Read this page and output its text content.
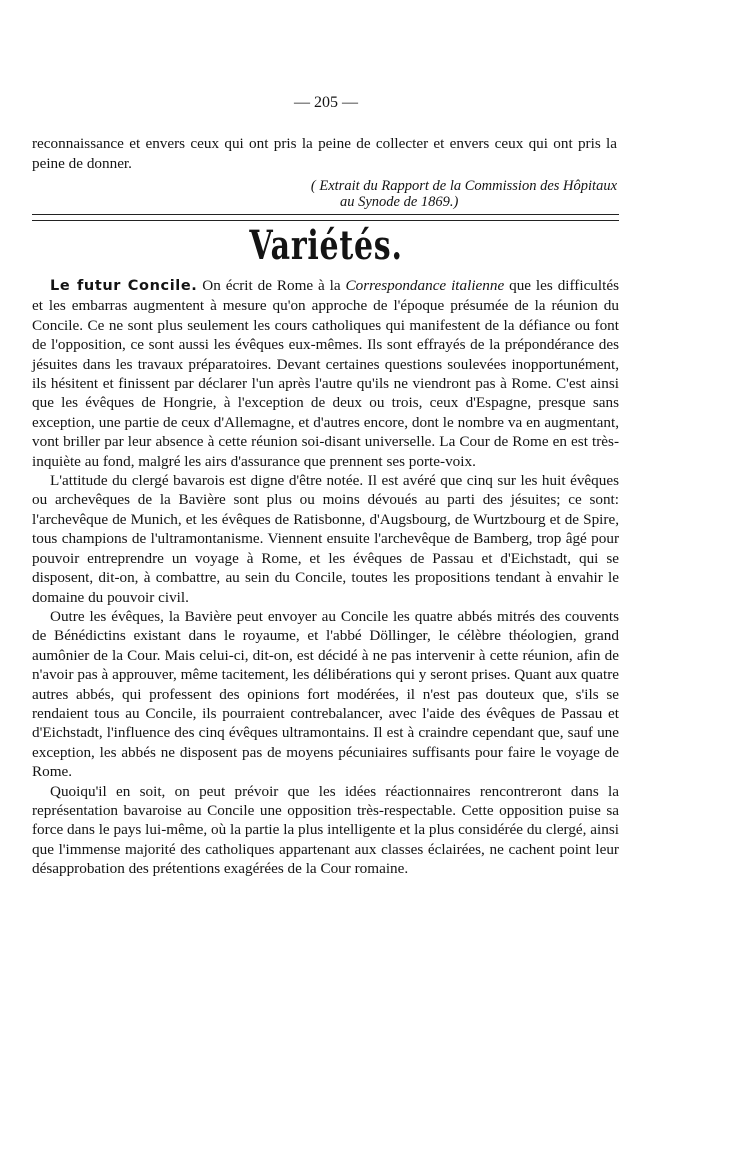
— 205 —
reconnaissance et envers ceux qui ont pris la peine de collecter et envers ceux qui ont pris la peine de donner.
( Extrait du Rapport de la Commission des Hôpitaux
au Synode de 1869.)
Variétés.

Le futur Concile. On écrit de Rome à la Correspondance italienne que les difficultés et les embarras augmentent à mesure qu'on approche de l'époque présumée de la réunion du Concile. Ce ne sont plus seulement les cours catholiques qui manifestent de la défiance ou font de l'opposition, ce sont aussi les évêques eux-mêmes. Ils sont effrayés de la prépondérance des jésuites dans les travaux préparatoires. Devant certaines questions soulevées inopportunément, ils hésitent et finissent par déclarer l'un après l'autre qu'ils ne viendront pas à Rome. C'est ainsi que les évêques de Hongrie, à l'exception de deux ou trois, ceux d'Espagne, presque sans exception, une partie de ceux d'Allemagne, et d'autres encore, dont le nombre va en augmentant, vont briller par leur absence à cette réunion soi-disant universelle. La Cour de Rome en est très-inquiète au fond, malgré les airs d'assurance que prennent ses porte-voix.

L'attitude du clergé bavarois est digne d'être notée. Il est avéré que cinq sur les huit évêques ou archevêques de la Bavière sont plus ou moins dévoués au parti des jésuites; ce sont: l'archevêque de Munich, et les évêques de Ratisbonne, d'Augsbourg, de Wurtzbourg et de Spire, tous champions de l'ultramontanisme. Viennent ensuite l'archevêque de Bamberg, trop âgé pour pouvoir entreprendre un voyage à Rome, et les évêques de Passau et d'Eichstadt, qui se disposent, dit-on, à combattre, au sein du Concile, toutes les propositions tendant à envahir le domaine du pouvoir civil.

Outre les évêques, la Bavière peut envoyer au Concile les quatre abbés mitrés des couvents de Bénédictins existant dans le royaume, et l'abbé Döllinger, le célèbre théologien, grand aumônier de la Cour. Mais celui-ci, dit-on, est décidé à ne pas intervenir à cette réunion, afin de n'avoir pas à approuver, même tacitement, les délibérations qui y seront prises. Quant aux quatre autres abbés, qui professent des opinions fort modérées, il n'est pas douteux que, s'ils se rendaient tous au Concile, ils pourraient contrebalancer, avec l'aide des évêques de Passau et d'Eichstadt, l'influence des cinq évêques ultramontains. Il est à craindre cependant que, sauf une exception, les abbés ne disposent pas de moyens pécuniaires suffisants pour faire le voyage de Rome.

Quoiqu'il en soit, on peut prévoir que les idées réactionnaires rencontreront dans la représentation bavaroise au Concile une opposition très-respectable. Cette opposition puise sa force dans le pays lui-même, où la partie la plus intelligente et la plus considérée du clergé, ainsi que l'immense majorité des catholiques appartenant aux classes éclairées, ne cachent point leur désapprobation des prétentions exagérées de la Cour romaine.
